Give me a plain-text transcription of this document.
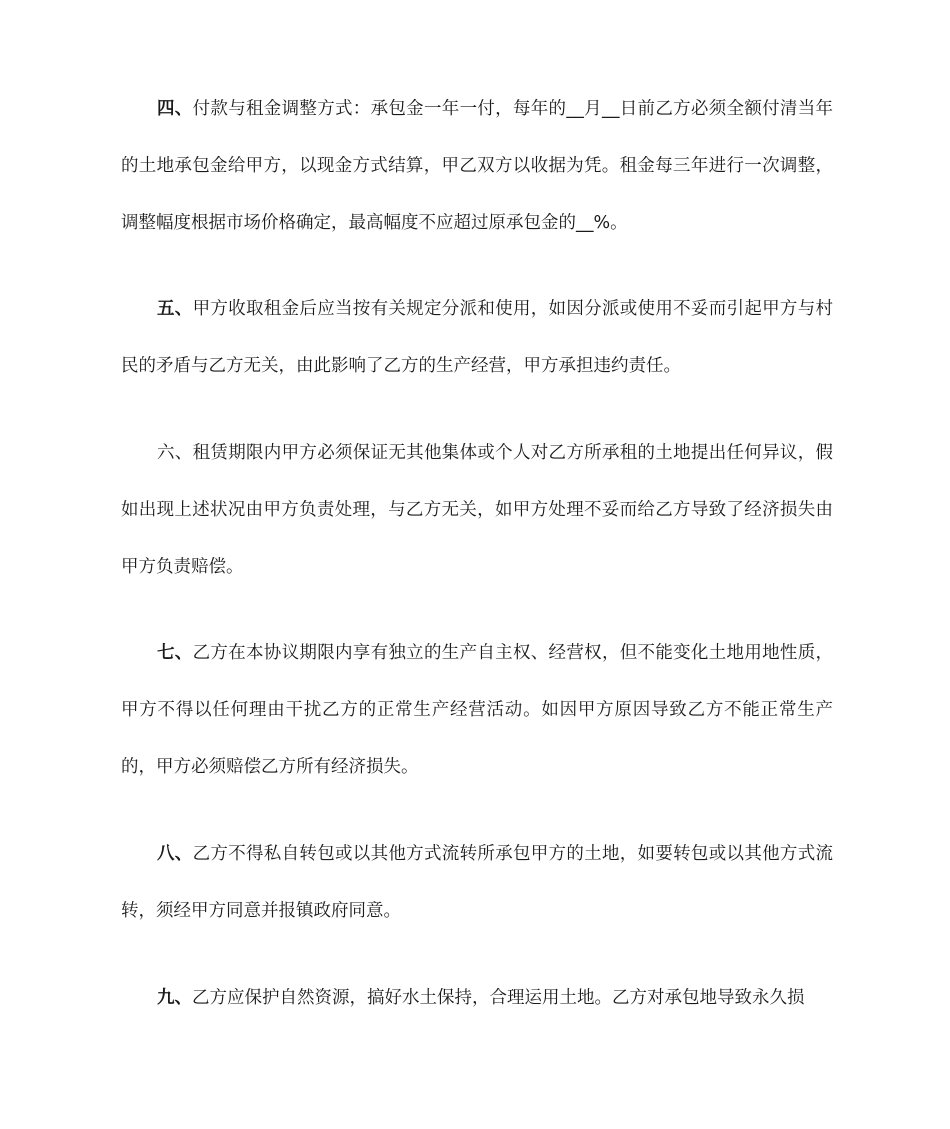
四、付款与租金调整方式：承包金一年一付，每年的__月__日前乙方必须全额付清当年的土地承包金给甲方，以现金方式结算，甲乙双方以收据为凭。租金每三年进行一次调整，调整幅度根据市场价格确定，最高幅度不应超过原承包金的__%。

五、甲方收取租金后应当按有关规定分派和使用，如因分派或使用不妥而引起甲方与村民的矛盾与乙方无关，由此影响了乙方的生产经营，甲方承担违约责任。

六、租赁期限内甲方必须保证无其他集体或个人对乙方所承租的土地提出任何异议，假如出现上述状况由甲方负责处理，与乙方无关，如甲方处理不妥而给乙方导致了经济损失由甲方负责赔偿。

七、乙方在本协议期限内享有独立的生产自主权、经营权，但不能变化土地用地性质，甲方不得以任何理由干扰乙方的正常生产经营活动。如因甲方原因导致乙方不能正常生产的，甲方必须赔偿乙方所有经济损失。

八、乙方不得私自转包或以其他方式流转所承包甲方的土地，如要转包或以其他方式流转，须经甲方同意并报镇政府同意。

九、乙方应保护自然资源，搞好水土保持，合理运用土地。乙方对承包地导致永久损
